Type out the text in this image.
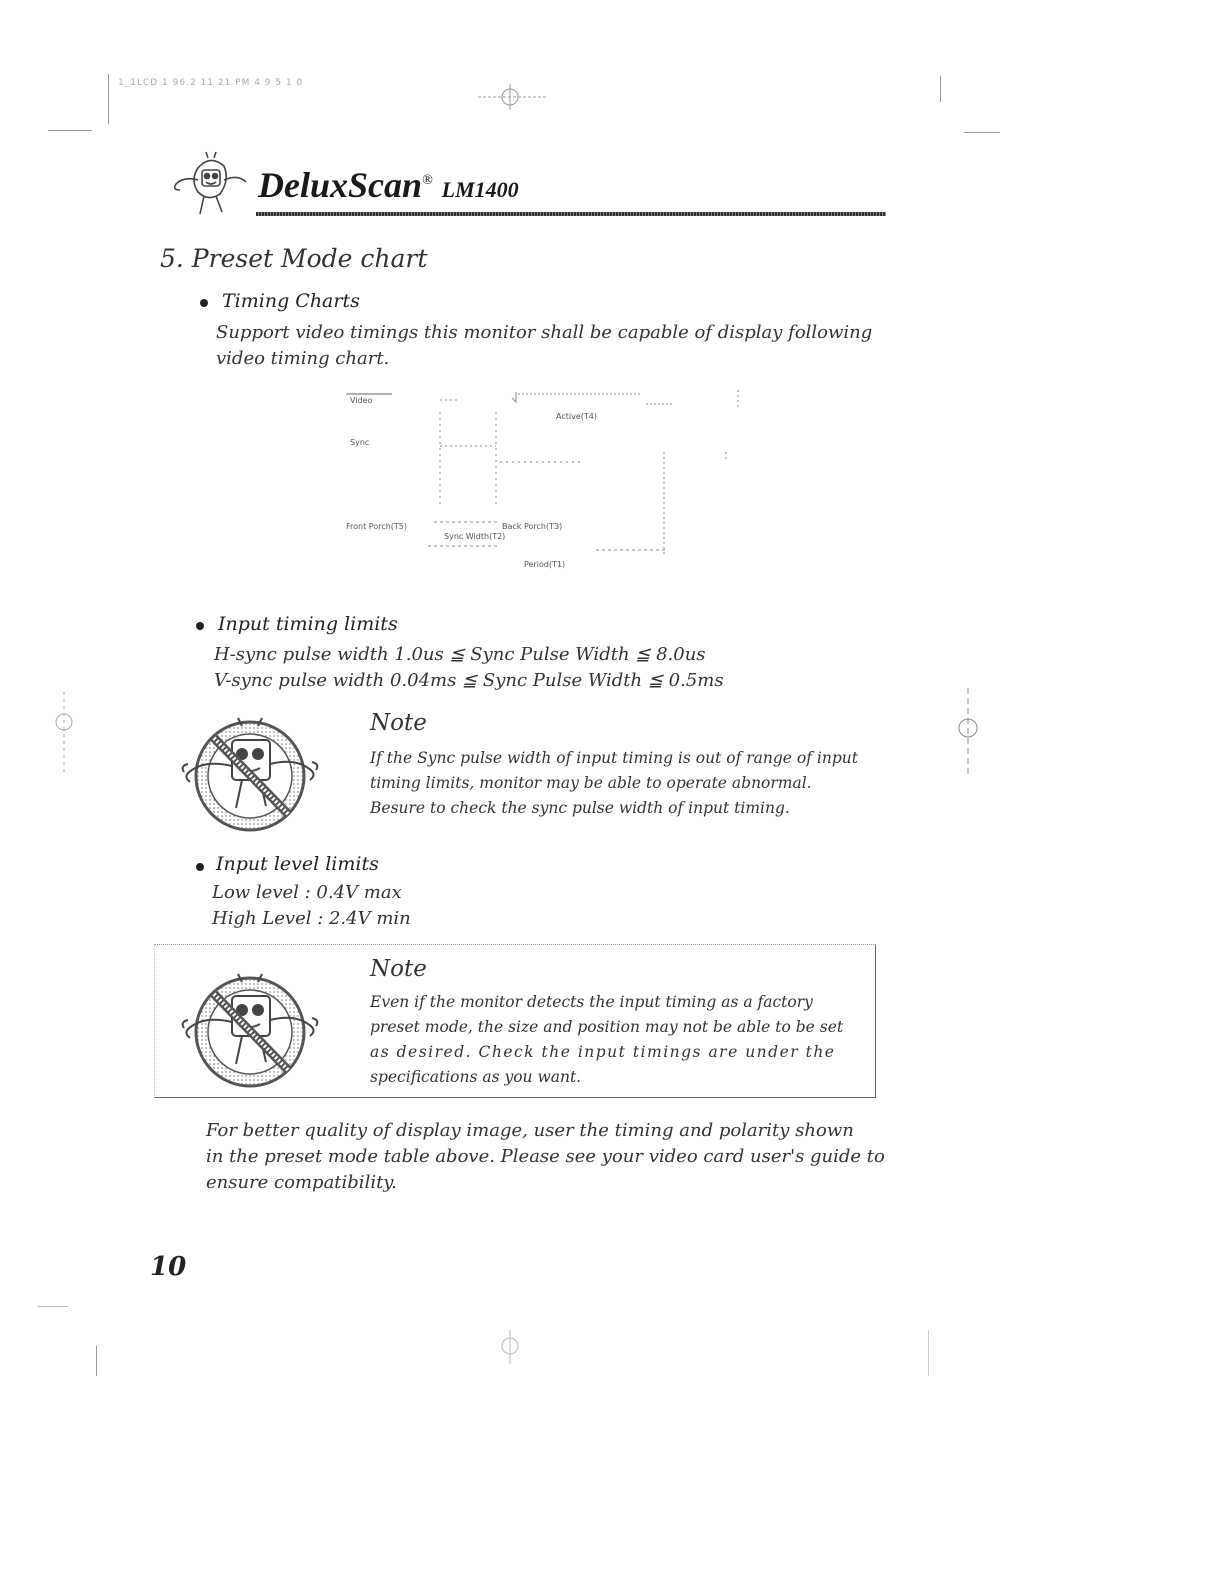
1_1LCD 1 96.2 11 21 PM 4 9 5 1 0
DeluxScan® LM1400
5. Preset Mode chart
Timing Charts
Support video timings this monitor shall be capable of display following
video timing chart.
Video
Active(T4)
Sync
Front Porch(T5)	Back Porch(T3)
Sync Width(T2)
Period(T1)
Input timing limits
H-sync pulse width 1.0us ≦ Sync Pulse Width ≦ 8.0us
V-sync pulse width 0.04ms ≦ Sync Pulse Width ≦ 0.5ms
Note
If the Sync pulse width of input timing is out of range of input
timing limits, monitor may be able to operate abnormal.
Besure to check the sync pulse width of input timing.
Input level limits
Low level : 0.4V max
High Level : 2.4V min
Note
Even if the monitor detects the input timing as a factory
preset mode, the size and position may not be able to be set
as desired. Check the input timings are under the
specifications as you want.
For better quality of display image, user the timing and polarity shown
in the preset mode table above. Please see your video card user's guide to
ensure compatibility.
10
